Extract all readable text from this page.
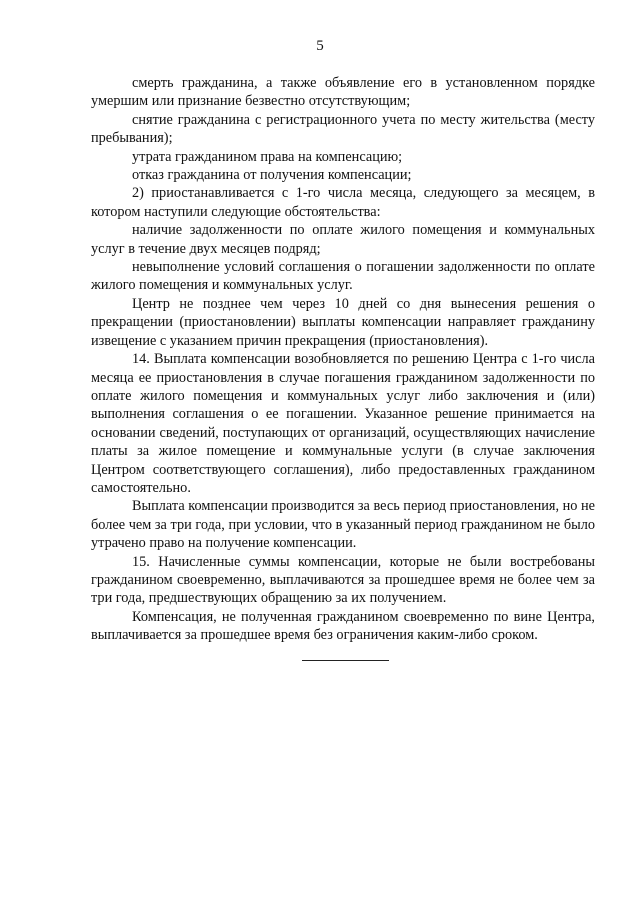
5

смерть гражданина, а также объявление его в установленном порядке умершим или признание безвестно отсутствующим;

снятие гражданина с регистрационного учета по месту жительства (месту пребывания);

утрата гражданином права на компенсацию;

отказ гражданина от получения компенсации;

2) приостанавливается с 1-го числа месяца, следующего за месяцем, в котором наступили следующие обстоятельства:

наличие задолженности по оплате жилого помещения и коммунальных услуг в течение двух месяцев подряд;

невыполнение условий соглашения о погашении задолженности по оплате жилого помещения и коммунальных услуг.

Центр не позднее чем через 10 дней со дня вынесения решения о прекращении (приостановлении) выплаты компенсации направляет гражданину извещение с указанием причин прекращения (приостановления).

14. Выплата компенсации возобновляется по решению Центра с 1-го числа месяца ее приостановления в случае погашения гражданином задолженности по оплате жилого помещения и коммунальных услуг либо заключения и (или) выполнения соглашения о ее погашении. Указанное решение принимается на основании сведений, поступающих от организаций, осуществляющих начисление платы за жилое помещение и коммунальные услуги (в случае заключения Центром соответствующего соглашения), либо предоставленных гражданином самостоятельно.

Выплата компенсации производится за весь период приостановления, но не более чем за три года, при условии, что в указанный период гражданином не было утрачено право на получение компенсации.

15. Начисленные суммы компенсации, которые не были востребованы гражданином своевременно, выплачиваются за прошедшее время не более чем за три года, предшествующих обращению за их получением.

Компенсация, не полученная гражданином своевременно по вине Центра, выплачивается за прошедшее время без ограничения каким-либо сроком.
